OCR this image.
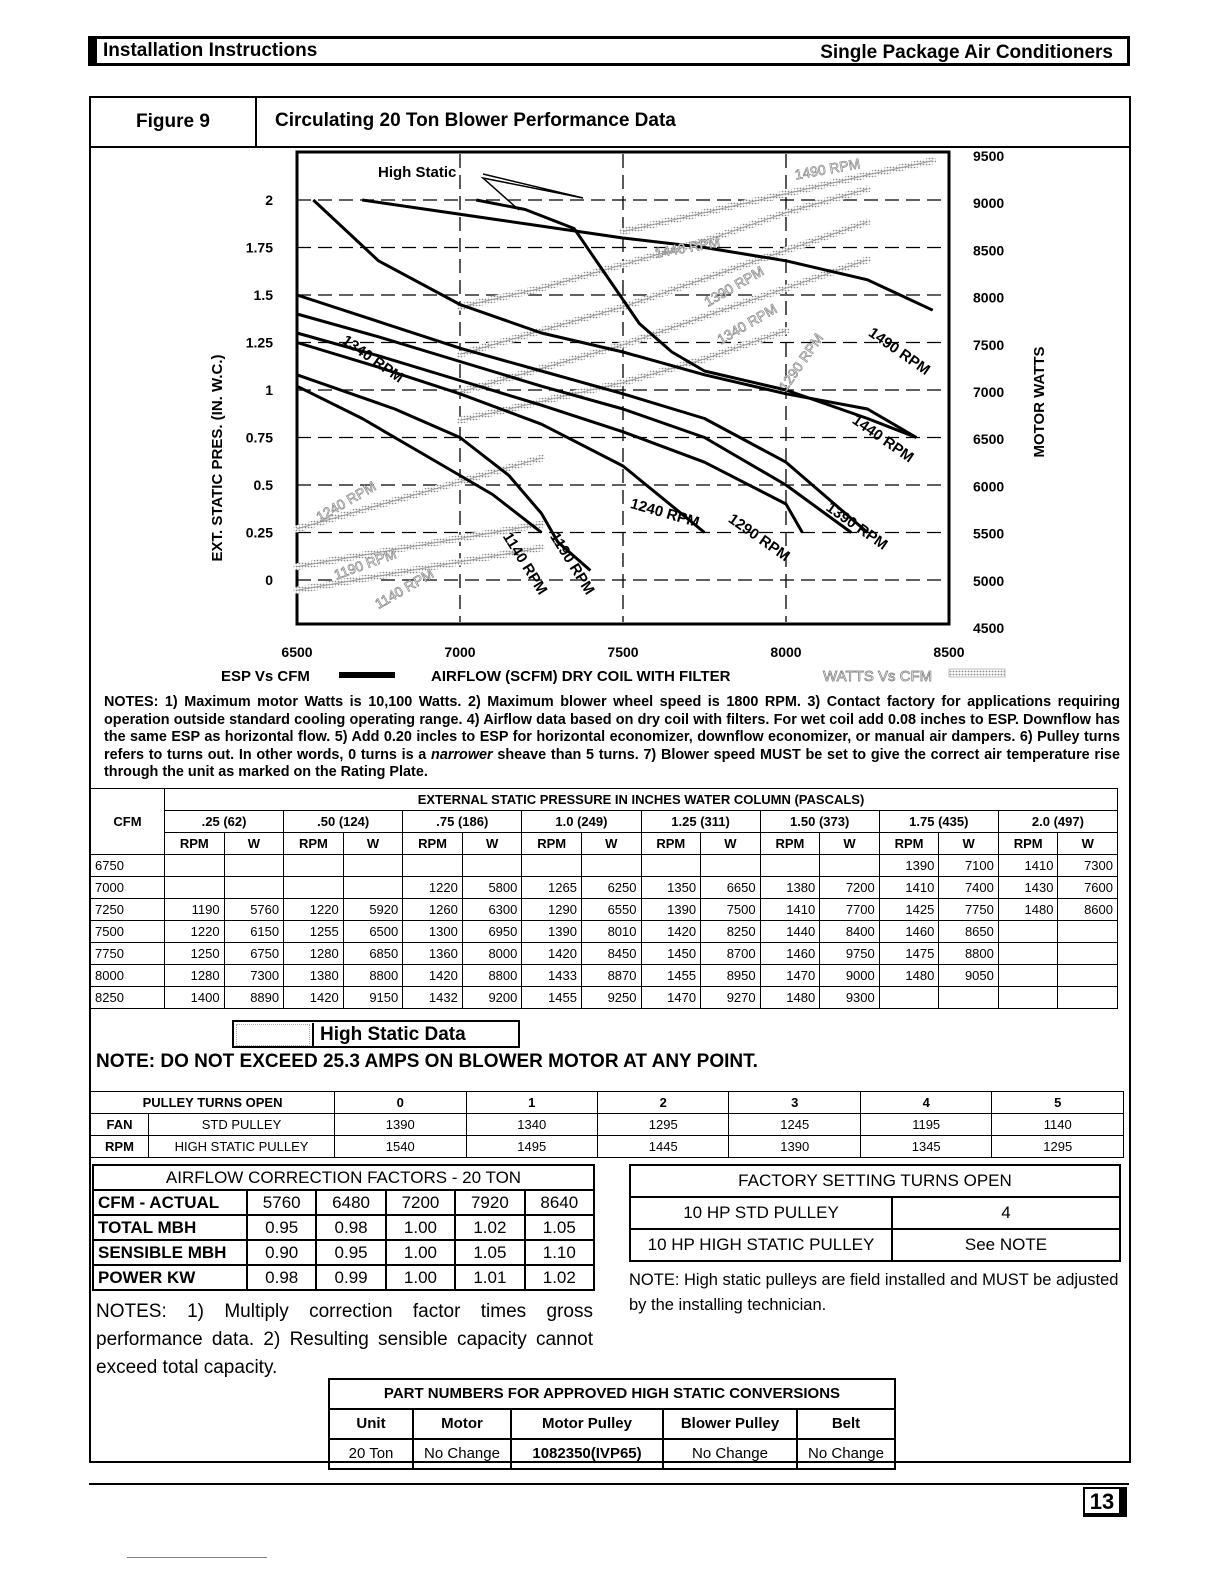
Installation Instructions	Single Package Air Conditioners
Figure 9	Circulating 20 Ton Blower Performance Data
0
0.25
0.5
0.75
1
1.25
1.5
1.75
2
4500
5000
5500
6000
6500
7000
7500
8000
8500
9000
9500
6500	7000	7500	8000	8500
1140 RPM
1190 RPM
1240 RPM 1290 RPM
1340 RPM
1390 RPM
1440 RPM
1490 RPM
1140 RPM
1190 RPM
1240 RPM
1290 RPM
1340 RPM
1390 RPM
1440 RPM
1490 RPM
EXT. STATIC PRES. (IN. W.C.)	MOTOR WATTS
High Static
ESP Vs CFM	AIRFLOW (SCFM) DRY COIL WITH FILTER	WATTS Vs CFM
NOTES: 1) Maximum motor Watts is 10,100 Watts. 2) Maximum blower wheel speed is 1800 RPM. 3) Contact factory for applications requiring operation outside standard cooling operating range. 4) Airflow data based on dry coil with filters. For wet coil add 0.08 inches to ESP. Downflow has the same ESP as horizontal flow. 5) Add 0.20 incles to ESP for horizontal economizer, downflow economizer, or manual air dampers. 6) Pulley turns refers to turns out. In other words, 0 turns is a narrower sheave than 5 turns. 7) Blower speed MUST be set to give the correct air temperature rise through the unit as marked on the Rating Plate.
CFM	EXTERNAL STATIC PRESSURE IN INCHES WATER COLUMN (PASCALS)															
	.25 (62)		.50 (124)		.75 (186)		1.0 (249)		1.25 (311)		1.50 (373)		1.75 (435)		2.0 (497)	
	RPM	W	RPM	W	RPM	W	RPM	W	RPM	W	RPM	W	RPM	W	RPM	W
6750													1390	7100	1410	7300
7000					1220	5800	1265	6250	1350	6650	1380	7200	1410	7400	1430	7600
7250	1190	5760	1220	5920	1260	6300	1290	6550	1390	7500	1410	7700	1425	7750	1480	8600
7500	1220	6150	1255	6500	1300	6950	1390	8010	1420	8250	1440	8400	1460	8650		
7750	1250	6750	1280	6850	1360	8000	1420	8450	1450	8700	1460	9750	1475	8800		
8000	1280	7300	1380	8800	1420	8800	1433	8870	1455	8950	1470	9000	1480	9050		
8250	1400	8890	1420	9150	1432	9200	1455	9250	1470	9270	1480	9300				
High Static Data
NOTE: DO NOT EXCEED 25.3 AMPS ON BLOWER MOTOR AT ANY POINT.
PULLEY TURNS OPEN		0	1	2	3	4	5
FAN	STD PULLEY	1390	1340	1295	1245	1195	1140
RPM	HIGH STATIC PULLEY	1540	1495	1445	1390	1345	1295
AIRFLOW CORRECTION FACTORS - 20 TON					
CFM - ACTUAL	5760	6480	7200	7920	8640
TOTAL MBH	0.95	0.98	1.00	1.02	1.05
SENSIBLE MBH	0.90	0.95	1.00	1.05	1.10
POWER KW	0.98	0.99	1.00	1.01	1.02
NOTES: 1) Multiply correction factor times gross performance data. 2) Resulting sensible capacity cannot exceed total capacity.
FACTORY SETTING TURNS OPEN	
10 HP STD PULLEY	4
10 HP HIGH STATIC PULLEY	See NOTE
NOTE: High static pulleys are field installed and MUST be adjusted by the installing technician.
PART NUMBERS FOR APPROVED HIGH STATIC CONVERSIONS				
Unit	Motor	Motor Pulley	Blower Pulley	Belt
20 Ton	No Change	1082350(IVP65)	No Change	No Change
13
